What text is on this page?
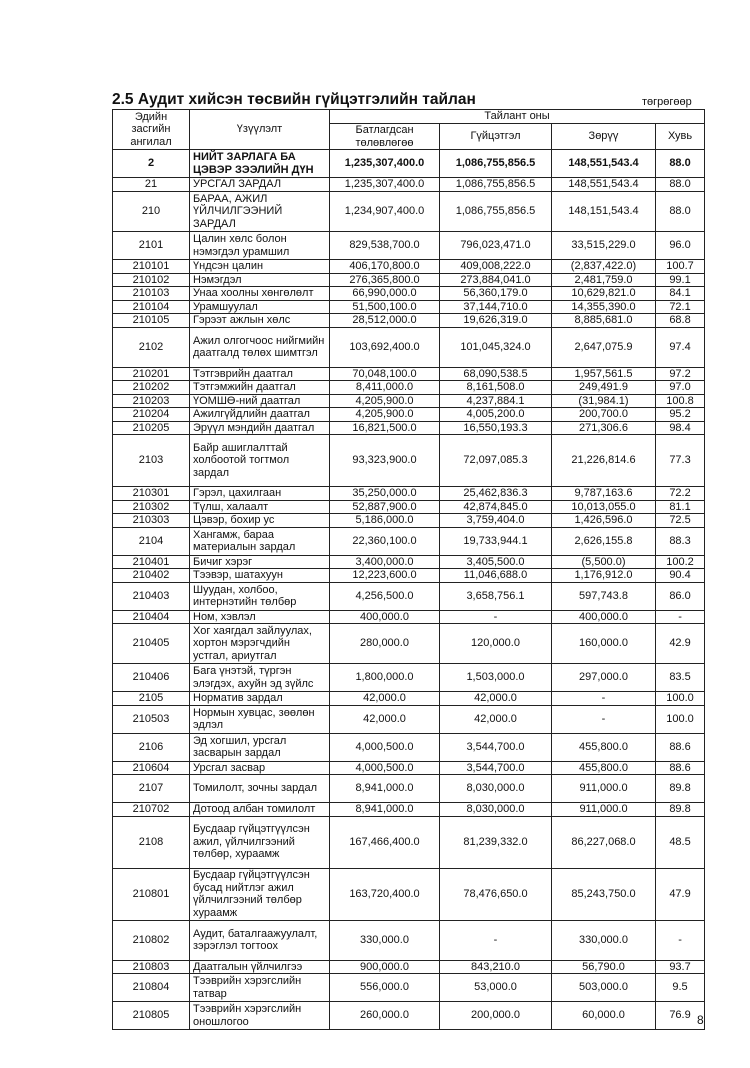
2.5 Аудит хийсэн төсвийн гүйцэтгэлийн тайлан	төгрөгөөр
Эдийн засгийн ангилал	Үзүүлэлт	Тайлант оны			
		Батлагдсан төлөвлөгөө	Гүйцэтгэл	Зөрүү	Хувь
2	НИЙТ ЗАРЛАГА БА ЦЭВЭР ЗЭЭЛИЙН ДҮН	1,235,307,400.0	1,086,755,856.5	148,551,543.4	88.0
21	УРСГАЛ ЗАРДАЛ	1,235,307,400.0	1,086,755,856.5	148,551,543.4	88.0
210	БАРАА, АЖИЛ ҮЙЛЧИЛГЭЭНИЙ ЗАРДАЛ	1,234,907,400.0	1,086,755,856.5	148,151,543.4	88.0
2101	Цалин хөлс болон нэмэгдэл урамшил	829,538,700.0	796,023,471.0	33,515,229.0	96.0
210101	Үндсэн цалин	406,170,800.0	409,008,222.0	(2,837,422.0)	100.7
210102	Нэмэгдэл	276,365,800.0	273,884,041.0	2,481,759.0	99.1
210103	Унаа хоолны хөнгөлөлт	66,990,000.0	56,360,179.0	10,629,821.0	84.1
210104	Урамшуулал	51,500,100.0	37,144,710.0	14,355,390.0	72.1
210105	Гэрээт ажлын хөлс	28,512,000.0	19,626,319.0	8,885,681.0	68.8
2102	Ажил олгогчоос нийгмийн даатгалд төлөх шимтгэл	103,692,400.0	101,045,324.0	2,647,075.9	97.4
210201	Тэтгэврийн даатгал	70,048,100.0	68,090,538.5	1,957,561.5	97.2
210202	Тэтгэмжийн даатгал	8,411,000.0	8,161,508.0	249,491.9	97.0
210203	ҮОМШӨ-ний даатгал	4,205,900.0	4,237,884.1	(31,984.1)	100.8
210204	Ажилгүйдлийн даатгал	4,205,900.0	4,005,200.0	200,700.0	95.2
210205	Эрүүл мэндийн даатгал	16,821,500.0	16,550,193.3	271,306.6	98.4
2103	Байр ашиглалттай холбоотой тогтмол зардал	93,323,900.0	72,097,085.3	21,226,814.6	77.3
210301	Гэрэл, цахилгаан	35,250,000.0	25,462,836.3	9,787,163.6	72.2
210302	Түлш, халаалт	52,887,900.0	42,874,845.0	10,013,055.0	81.1
210303	Цэвэр, бохир ус	5,186,000.0	3,759,404.0	1,426,596.0	72.5
2104	Хангамж, бараа материалын зардал	22,360,100.0	19,733,944.1	2,626,155.8	88.3
210401	Бичиг хэрэг	3,400,000.0	3,405,500.0	(5,500.0)	100.2
210402	Тээвэр, шатахуун	12,223,600.0	11,046,688.0	1,176,912.0	90.4
210403	Шуудан, холбоо, интернэтийн төлбөр	4,256,500.0	3,658,756.1	597,743.8	86.0
210404	Ном, хэвлэл	400,000.0	-	400,000.0	-
210405	Хог хаягдал зайлуулах, хортон мэрэгчдийн устгал, ариутгал	280,000.0	120,000.0	160,000.0	42.9
210406	Бага үнэтэй, түргэн элэгдэх, ахуйн эд зүйлс	1,800,000.0	1,503,000.0	297,000.0	83.5
2105	Норматив зардал	42,000.0	42,000.0	-	100.0
210503	Нормын хувцас, зөөлөн эдлэл	42,000.0	42,000.0	-	100.0
2106	Эд хогшил, урсгал засварын зардал	4,000,500.0	3,544,700.0	455,800.0	88.6
210604	Урсгал засвар	4,000,500.0	3,544,700.0	455,800.0	88.6
2107	Томилолт, зочны зардал	8,941,000.0	8,030,000.0	911,000.0	89.8
210702	Дотоод албан томилолт	8,941,000.0	8,030,000.0	911,000.0	89.8
2108	Бусдаар гүйцэтгүүлсэн ажил, үйлчилгээний төлбөр, хураамж	167,466,400.0	81,239,332.0	86,227,068.0	48.5
210801	Бусдаар гүйцэтгүүлсэн бусад нийтлэг ажил үйлчилгээний төлбөр хураамж	163,720,400.0	78,476,650.0	85,243,750.0	47.9
210802	Аудит, баталгаажуулалт, зэрэглэл тогтоох	330,000.0	-	330,000.0	-
210803	Даатгалын үйлчилгээ	900,000.0	843,210.0	56,790.0	93.7
210804	Тээврийн хэрэгслийн татвар	556,000.0	53,000.0	503,000.0	9.5
210805	Тээврийн хэрэгслийн оношлогоо	260,000.0	200,000.0	60,000.0	76.9 8
